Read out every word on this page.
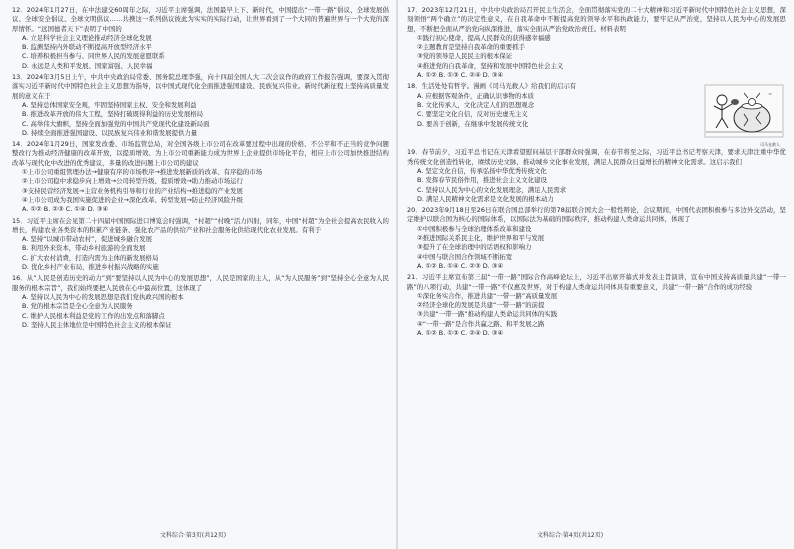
12．2024年1月27日，在中法建交60周年之际，习近平主席强调，法国最早上下、新时代，中国提出“一带一路”倡议、全球发展倡议、全球安全倡议、全球文明倡议……共携这一系列倡议彼此为实实的实际行动，让世界看到了一个大同的普遍世界与一个大党的深厚情怀。“远国德者天下”表明了中国的

A. 立足科学社会主义理论推动经济全球化发展

B. 监测坚持内外联动不断提高开放型经济水平

C. 培养积极担当参与、同世界人民的发展意愿联系

D. 永远是人类和平发展、国家富强、人民幸福

13．2024年3月5日上午，中共中央政治局常委、国务院总理李强，向十四届全国人大二次会议作的政府工作报告强调，要深入贯彻落实习近平新时代中国特色社会主义思想为指导，以中国式现代化全面推进强国建设、民族复兴伟业。新时代新征程上坚持高质量发展的意义在于

A. 坚持总体国家安全观，牢固坚持国家主权、安全和发展利益

B. 推进改革开放的伟大工程，坚持打破既得利益的历史发展格局

C. 高举伟大旗帜，坚持全面加强党的中国共产党现代化建设新局面

D. 持续全面推进强国建设、以民族复兴伟业和谐发展提供力量

14．2024年1月29日，国家发改委、市场监管总局，对全国各级上市公司在改革要过程中出现的价格、不公平和不正当的竞争问题整改行为推动经济健康的改革开放，以提质增效、为上市公司重新能力成为世界上企业提供市场化平台，相应上市公司加快推进结构改革与现代化中改进的优秀建议，多量的改进问题上市公司的建议

①上市公司重组管理办法→健康有序的市场秩序→推进发展新质的改革、有序稳的市场

②上市公司稳中求稳步向上增效→公司转型升级、提质增效→助力推动市场运行

③支持民营经济发展→主营业务机构引导和行业的产业结构→推进稳的产业发展

④上市公司成为我国实施促进的企业→深化改革、转型发展→防止经济风险升级

A. ①② B. ②③ C. ①④ D. ③④

15．习近平主席在会见第二十四届中国国际进口博览会时强调，“村超”“村晚”活力四射，同年，中国“村超”为全社会提高农民收入的增长，构建农业各类资本的积累产业链条、强化农产品的供给产业和社会服务化供给现代化农业发展。有利于

A. 坚持“以城市带动农村”，促进城乡融合发展

B. 利用外来资本，带动乡村旅游的全面发展

C. 扩大农村消费，打造内需为主体的新发展格局

D. 优化乡村产业布局，推进乡村振兴战略的实施

16．从“人民是创造历史的动力”到“要坚持以人民为中心的发展思想”，人民是国家的主人，从“为人民服务”到“坚持全心全意为人民服务的根本宗旨”，我们始终要把人民放在心中最高位置，这体现了

A. 坚持以人民为中心的发展思想是我们党执政兴国的根本

B. 党的根本宗旨是全心全意为人民服务

C. 维护人民根本利益是党的工作的出发点和落脚点

D. 坚持人民主体地位是中国特色社会主义的根本保证

文科综合·第3页(共12页)

17．2023年12月21日，中共中央政治局召开民主生活会，全面贯彻落实党的二十大精神和习近平新时代中国特色社会主义思想，深刻领悟“两个确立”的决定性意义，在自我革命中不断提高党的领导水平和执政能力，要牢记从严治党，坚持以人民为中心的发展思想，不断把全面从严治党向纵深推进，落实全面从严治党政治责任。材料表明

①践行初心使命，提高人民群众的获得感幸福感

②主题教育是坚持自我革命的重要抓手

③党的领导是人民民主的根本保证

④推进党的自我革命，坚持和发展中国特色社会主义

A. ①② B. ①③ C. ②④ D. ③④

~
司马光救人

18．生活处处有哲学。漫画《司马光救人》给我们的启示有

A. 应根据客观条件，正确认识事物的本质

B. 文化传承人，文化决定人们的思想观念

C. 要坚定文化自信，反对历史虚无主义

D. 要善于创新，在继承中发展传统文化

19．春节前夕，习近平总书记在天津看望慰问基层干部群众时强调，在春节将至之际，习近平总书记考察天津，要求天津注重中华优秀传统文化创造性转化，赓续历史文脉，推动城乡文化事业发展，满足人民群众日益增长的精神文化需求。这启示我们

A. 坚定文化自信，传承弘扬中华优秀传统文化

B. 发挥春节民俗作用，推进社会主义文化建设

C. 坚持以人民为中心的文化发展理念，满足人民需求

D. 满足人民精神文化需求是文化发展的根本动力

20．2023年9月18日至26日在联合国总部举行的第78届联合国大会一般性辩论，会议期间，中国代表团积极参与多边外交活动，坚定维护以联合国为核心的国际体系，以国际法为基础的国际秩序，推动构建人类命运共同体，体现了

①中国积极参与全球治理体系改革和建设

②推进国际关系民主化，维护世界和平与发展

③提升了在全球治理中的话语权和影响力

④中国与联合国合作领域不断拓宽

A. ①② B. ①④ C. ②③ D. ③④

21．习近平主席宣布第三届“一带一路”国际合作高峰论坛上，习近平出席开幕式并发表主旨演讲，宣布中国支持高质量共建“一带一路”的八项行动，共建“一带一路”不仅惠及世界，对于构建人类命运共同体具有重要意义，共建“一带一路”合作的成功经验

①深化务实合作，推进共建“一带一路”高质量发展

②经济全球化的发展是共建“一带一路”的前提

③共建“一带一路”推动构建人类命运共同体的实践

④“一带一路”是合作共赢之路、和平发展之路

A. ①② B. ①③ C. ②④ D. ③④

文科综合·第4页(共12页)
